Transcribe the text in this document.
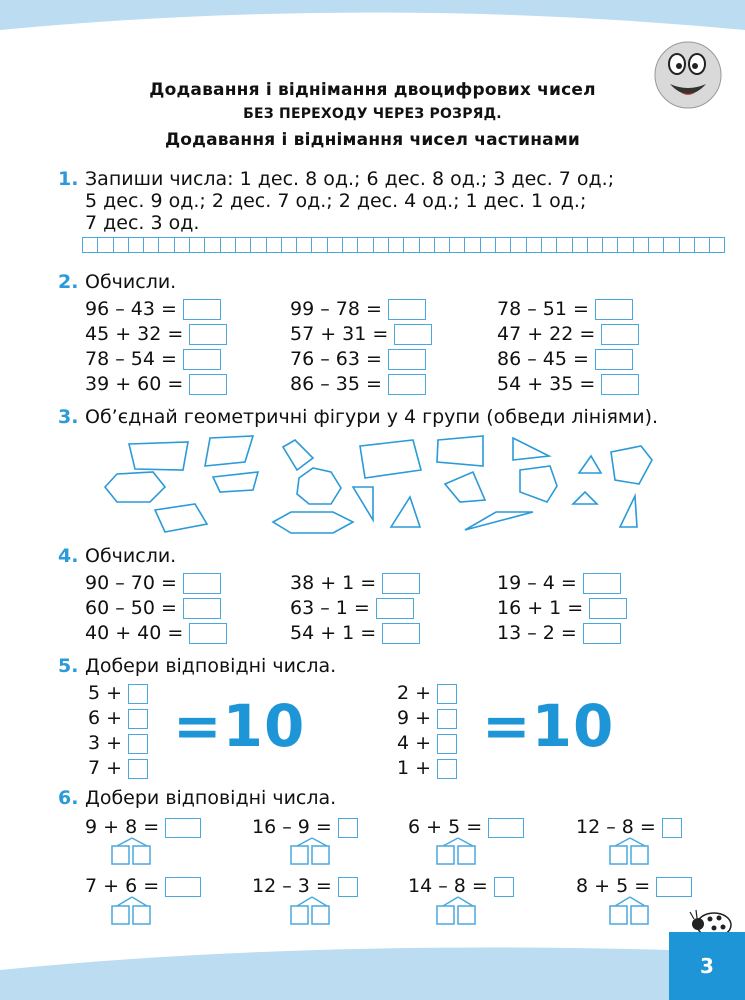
Додавання і віднімання двоцифрових чисел
БЕЗ ПЕРЕХОДУ ЧЕРЕЗ РОЗРЯД.
Додавання і віднімання чисел частинами
1. Запиши числа: 1 дес. 8 од.; 6 дес. 8 од.; 3 дес. 7 од.;
5 дес. 9 од.; 2 дес. 7 од.; 2 дес. 4 од.; 1 дес. 1 од.;
7 дес. 3 од.
2. Обчисли.
96 – 43 =	99 – 78 =	78 – 51 =
45 + 32 =	57 + 31 =	47 + 22 =
78 – 54 =	76 – 63 =	86 – 45 =
39 + 60 =	86 – 35 =	54 + 35 =
3. Об’єднай геометричні фігури у 4 групи (обведи лініями).
4. Обчисли.
90 – 70 =	38 + 1 =	19 – 4 =
60 – 50 =	63 – 1 =	16 + 1 =
40 + 40 =	54 + 1 =	13 – 2 =
5. Добери відповідні числа.
5 +
6 +
3 +
7 +
=10	2 +
9 +
4 +
1 +
=10
6. Добери відповідні числа.
9 + 8 =	16 – 9 =	6 + 5 =	12 – 8 =
7 + 6 =	12 – 3 =	14 – 8 =	8 + 5 =
3
